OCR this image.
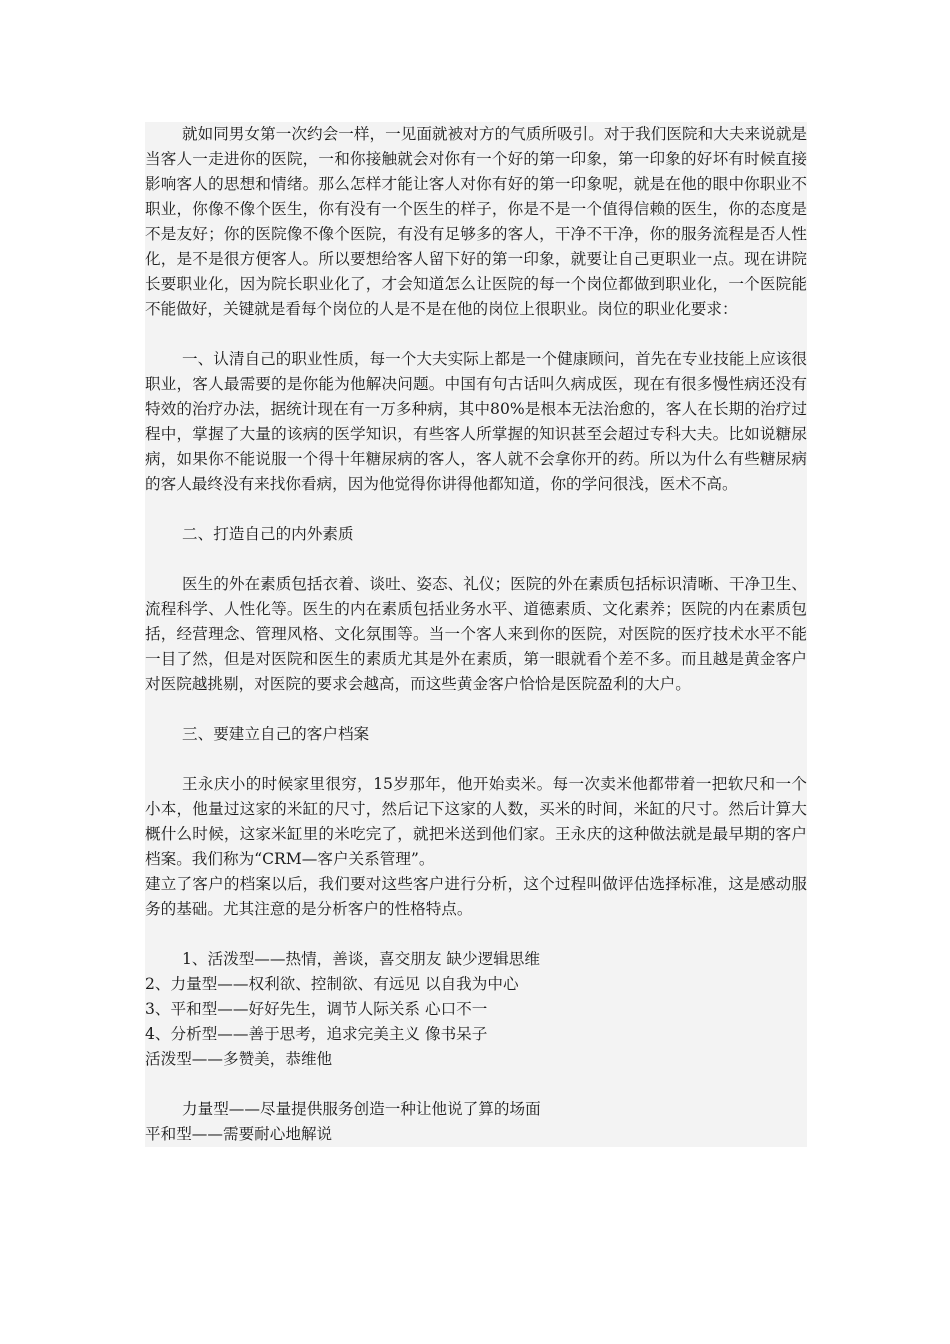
就如同男女第一次约会一样，一见面就被对方的气质所吸引。对于我们医院和大夫来说就是当客人一走进你的医院，一和你接触就会对你有一个好的第一印象，第一印象的好坏有时候直接影响客人的思想和情绪。那么怎样才能让客人对你有好的第一印象呢，就是在他的眼中你职业不职业，你像不像个医生，你有没有一个医生的样子，你是不是一个值得信赖的医生，你的态度是不是友好；你的医院像不像个医院，有没有足够多的客人，干净不干净，你的服务流程是否人性化，是不是很方便客人。所以要想给客人留下好的第一印象，就要让自己更职业一点。现在讲院长要职业化，因为院长职业化了，才会知道怎么让医院的每一个岗位都做到职业化，一个医院能不能做好，关键就是看每个岗位的人是不是在他的岗位上很职业。岗位的职业化要求：

一、认清自己的职业性质，每一个大夫实际上都是一个健康顾问，首先在专业技能上应该很职业，客人最需要的是你能为他解决问题。中国有句古话叫久病成医，现在有很多慢性病还没有特效的治疗办法，据统计现在有一万多种病，其中80%是根本无法治愈的，客人在长期的治疗过程中，掌握了大量的该病的医学知识，有些客人所掌握的知识甚至会超过专科大夫。比如说糖尿病，如果你不能说服一个得十年糖尿病的客人，客人就不会拿你开的药。所以为什么有些糖尿病的客人最终没有来找你看病，因为他觉得你讲得他都知道，你的学问很浅，医术不高。

二、打造自己的内外素质

医生的外在素质包括衣着、谈吐、姿态、礼仪；医院的外在素质包括标识清晰、干净卫生、流程科学、人性化等。医生的内在素质包括业务水平、道德素质、文化素养；医院的内在素质包括，经营理念、管理风格、文化氛围等。当一个客人来到你的医院，对医院的医疗技术水平不能一目了然，但是对医院和医生的素质尤其是外在素质，第一眼就看个差不多。而且越是黄金客户对医院越挑剔，对医院的要求会越高，而这些黄金客户恰恰是医院盈利的大户。

三、要建立自己的客户档案

王永庆小的时候家里很穷，15岁那年，他开始卖米。每一次卖米他都带着一把软尺和一个小本，他量过这家的米缸的尺寸，然后记下这家的人数，买米的时间，米缸的尺寸。然后计算大概什么时候，这家米缸里的米吃完了，就把米送到他们家。王永庆的这种做法就是最早期的客户档案。我们称为“CRM—客户关系管理”。

建立了客户的档案以后，我们要对这些客户进行分析，这个过程叫做评估选择标准，这是感动服务的基础。尤其注意的是分析客户的性格特点。

1、活泼型——热情，善谈，喜交朋友 缺少逻辑思维

2、力量型——权利欲、控制欲、有远见 以自我为中心

3、平和型——好好先生，调节人际关系 心口不一

4、分析型——善于思考，追求完美主义 像书呆子

活泼型——多赞美，恭维他

力量型——尽量提供服务创造一种让他说了算的场面

平和型——需要耐心地解说
